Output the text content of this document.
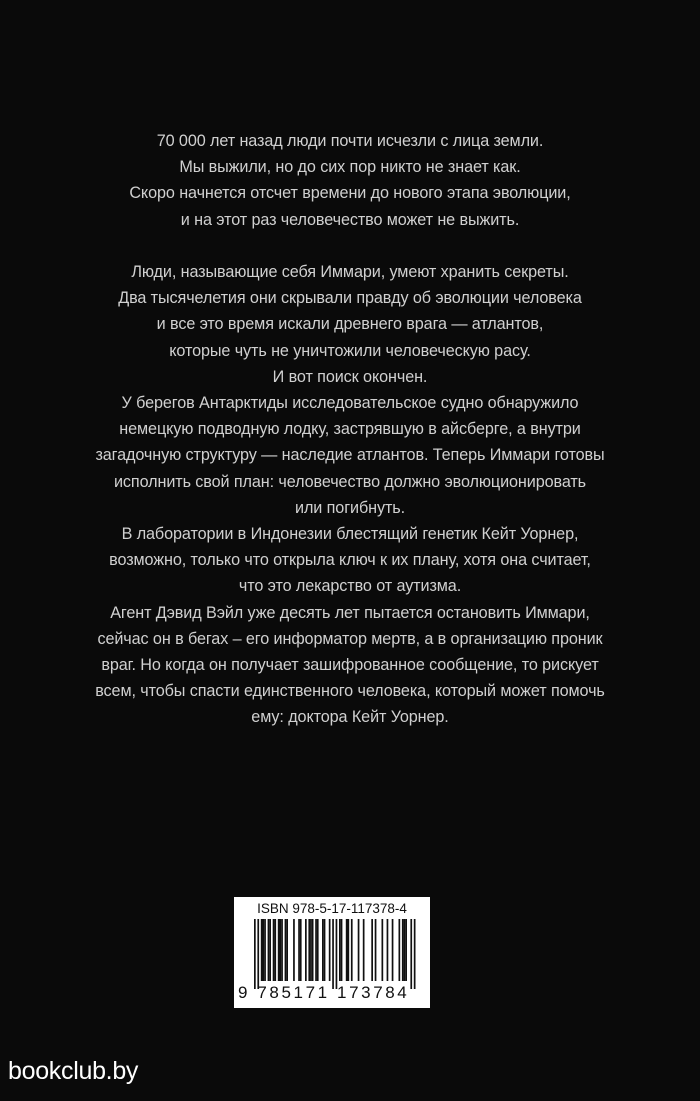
70 000 лет назад люди почти исчезли с лица земли.
Мы выжили, но до сих пор никто не знает как.
Скоро начнется отсчет времени до нового этапа эволюции,
и на этот раз человечество может не выжить.
Люди, называющие себя Иммари, умеют хранить секреты.
Два тысячелетия они скрывали правду об эволюции человека
и все это время искали древнего врага — атлантов,
которые чуть не уничтожили человеческую расу.
И вот поиск окончен.
У берегов Антарктиды исследовательское судно обнаружило
немецкую подводную лодку, застрявшую в айсберге, а внутри
загадочную структуру — наследие атлантов. Теперь Иммари готовы
исполнить свой план: человечество должно эволюционировать
или погибнуть.
В лаборатории в Индонезии блестящий генетик Кейт Уорнер,
возможно, только что открыла ключ к их плану, хотя она считает,
что это лекарство от аутизма.
Агент Дэвид Вэйл уже десять лет пытается остановить Иммари,
сейчас он в бегах – его информатор мертв, а в организацию проник
враг. Но когда он получает зашифрованное сообщение, то рискует
всем, чтобы спасти единственного человека, который может помочь
ему: доктора Кейт Уорнер.
ISBN 978-5-17-117378-4
9 785171 173784
bookclub.by
